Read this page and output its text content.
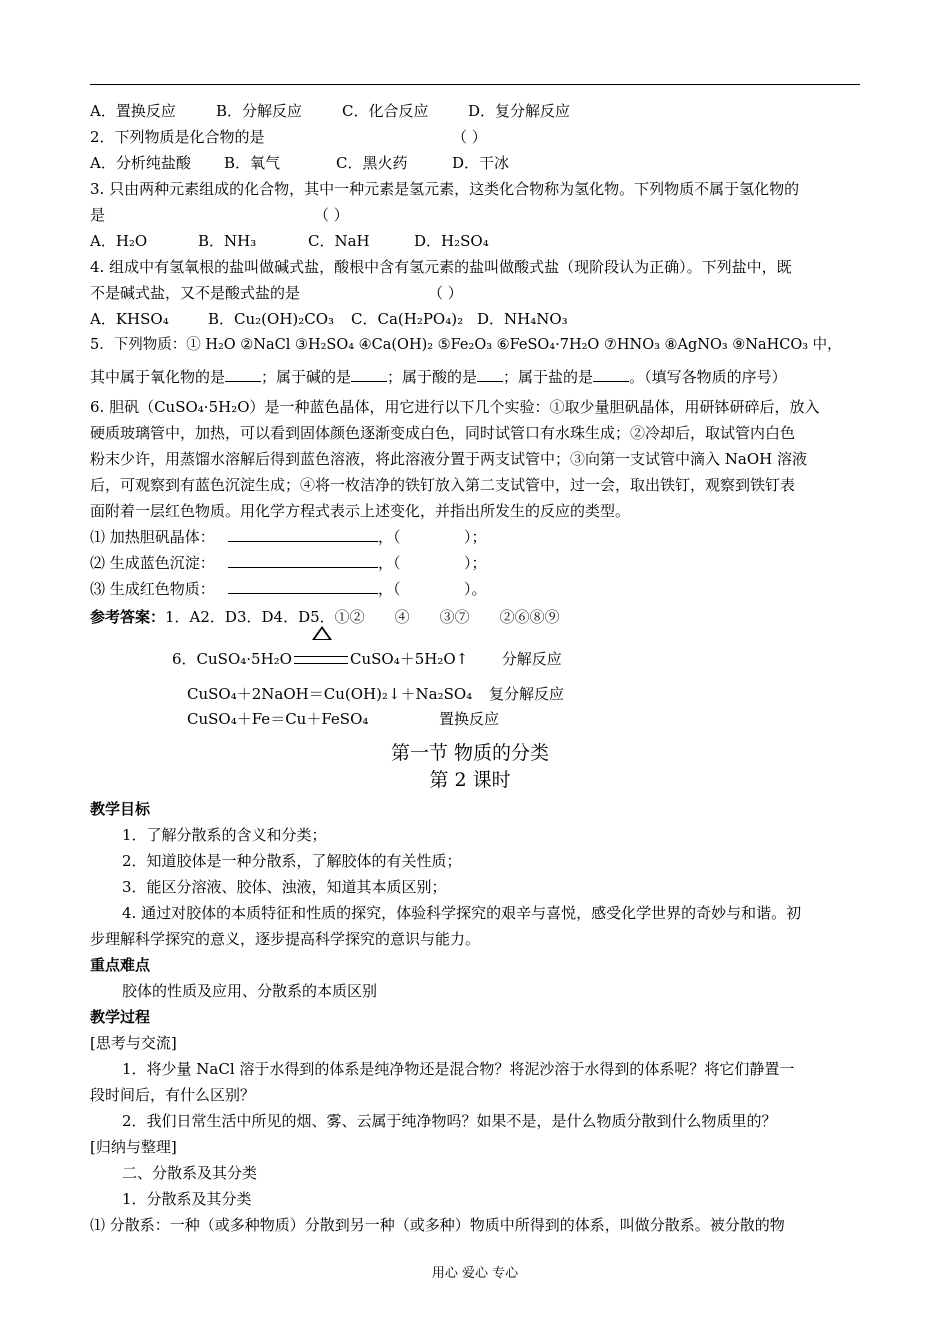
A．置换反应	B．分解反应	C．化合反应	D．复分解反应
2．下列物质是化合物的是	（ ）
A．分析纯盐酸 B．氧气	C．黑火药	D．干冰
3. 只由两种元素组成的化合物，其中一种元素是氢元素，这类化合物称为氢化物。下列物质不属于氢化物的
是	（ ）
A．H₂O	B．NH₃	C．NaH	D．H₂SO₄
4. 组成中有氢氧根的盐叫做碱式盐，酸根中含有氢元素的盐叫做酸式盐（现阶段认为正确）。下列盐中，既
不是碱式盐，又不是酸式盐的是	（ ）
A．KHSO₄	B．Cu₂(OH)₂CO₃ C．Ca(H₂PO₄)₂ D．NH₄NO₃
5．下列物质：① H₂O ②NaCl ③H₂SO₄ ④Ca(OH)₂ ⑤Fe₂O₃ ⑥FeSO₄·7H₂O ⑦HNO₃ ⑧AgNO₃ ⑨NaHCO₃ 中，
其中属于氧化物的是 ；属于碱的是 ；属于酸的是 ；属于盐的是 。（填写各物质的序号）
6. 胆矾（CuSO₄·5H₂O）是一种蓝色晶体，用它进行以下几个实验：①取少量胆矾晶体，用研钵研碎后，放入
硬质玻璃管中，加热，可以看到固体颜色逐渐变成白色，同时试管口有水珠生成；②冷却后，取试管内白色
粉末少许，用蒸馏水溶解后得到蓝色溶液，将此溶液分置于两支试管中；③向第一支试管中滴入 NaOH 溶液
后，可观察到有蓝色沉淀生成；④将一枚洁净的铁钉放入第二支试管中，过一会，取出铁钉，观察到铁钉表
面附着一层红色物质。用化学方程式表示上述变化，并指出所发生的反应的类型。
⑴ 加热胆矾晶体：	，（	）；
⑵ 生成蓝色沉淀：	，（	）；
⑶ 生成红色物质：	，（	）。
参考答案：1．A2．D3．D4．D5．①②　　④　　③⑦　　②⑥⑧⑨
6．CuSO₄·5H₂O	CuSO₄＋5H₂O↑ 分解反应
CuSO₄＋2NaOH＝Cu(OH)₂↓＋Na₂SO₄ 复分解反应
CuSO₄＋Fe＝Cu＋FeSO₄	置换反应
第一节 物质的分类
第 2 课时
教学目标
1．了解分散系的含义和分类；
2．知道胶体是一种分散系，了解胶体的有关性质；
3．能区分溶液、胶体、浊液，知道其本质区别；
4. 通过对胶体的本质特征和性质的探究，体验科学探究的艰辛与喜悦，感受化学世界的奇妙与和谐。初
步理解科学探究的意义，逐步提高科学探究的意识与能力。
重点难点
胶体的性质及应用、分散系的本质区别
教学过程
[思考与交流]
1．将少量 NaCl 溶于水得到的体系是纯净物还是混合物？将泥沙溶于水得到的体系呢？将它们静置一
段时间后，有什么区别？
2．我们日常生活中所见的烟、雾、云属于纯净物吗？如果不是，是什么物质分散到什么物质里的？
[归纳与整理]
二、分散系及其分类
1．分散系及其分类
⑴ 分散系：一种（或多种物质）分散到另一种（或多种）物质中所得到的体系，叫做分散系。被分散的物
用心 爱心 专心
